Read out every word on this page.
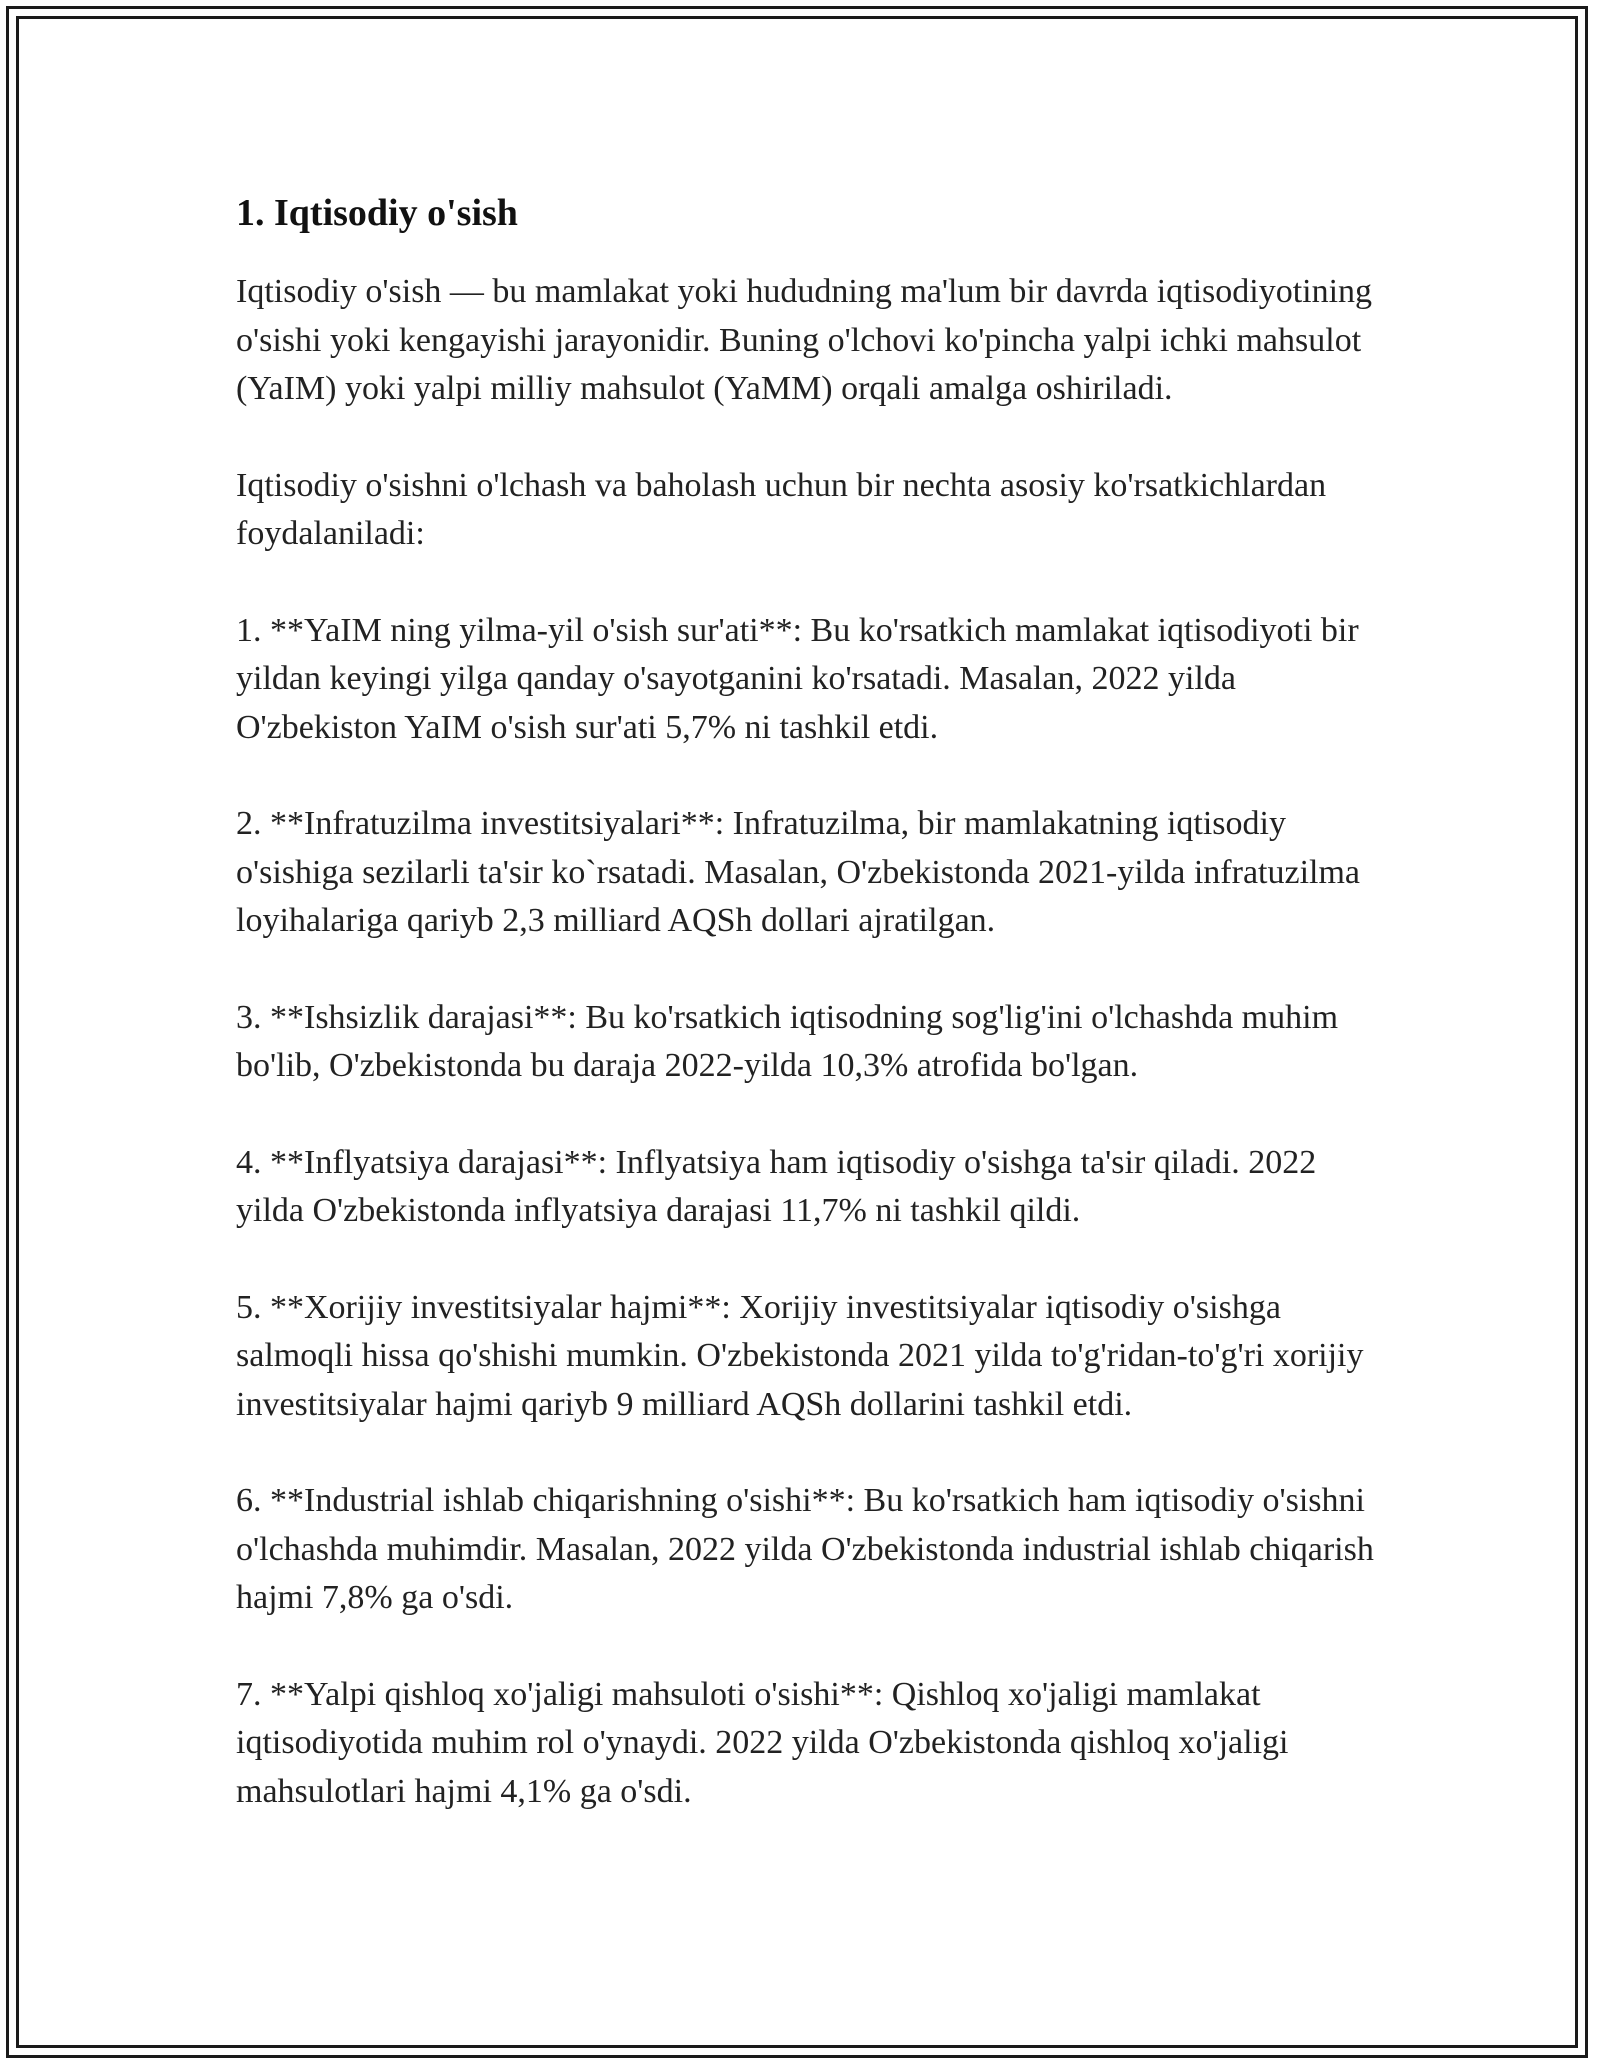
1. Iqtisodiy o'sish

Iqtisodiy o'sish — bu mamlakat yoki hududning ma'lum bir davrda iqtisodiyotining o'sishi yoki kengayishi jarayonidir. Buning o'lchovi ko'pincha yalpi ichki mahsulot (YaIM) yoki yalpi milliy mahsulot (YaMM) orqali amalga oshiriladi.

Iqtisodiy o'sishni o'lchash va baholash uchun bir nechta asosiy ko'rsatkichlardan foydalaniladi:

1. **YaIM ning yilma-yil o'sish sur'ati**: Bu ko'rsatkich mamlakat iqtisodiyoti bir yildan keyingi yilga qanday o'sayotganini ko'rsatadi. Masalan, 2022 yilda O'zbekiston YaIM o'sish sur'ati 5,7% ni tashkil etdi.

2. **Infratuzilma investitsiyalari**: Infratuzilma, bir mamlakatning iqtisodiy o'sishiga sezilarli ta'sir ko`rsatadi. Masalan, O'zbekistonda 2021-yilda infratuzilma loyihalariga qariyb 2,3 milliard AQSh dollari ajratilgan.

3. **Ishsizlik darajasi**: Bu ko'rsatkich iqtisodning sog'lig'ini o'lchashda muhim bo'lib, O'zbekistonda bu daraja 2022-yilda 10,3% atrofida bo'lgan.

4. **Inflyatsiya darajasi**: Inflyatsiya ham iqtisodiy o'sishga ta'sir qiladi. 2022 yilda O'zbekistonda inflyatsiya darajasi 11,7% ni tashkil qildi.

5. **Xorijiy investitsiyalar hajmi**: Xorijiy investitsiyalar iqtisodiy o'sishga salmoqli hissa qo'shishi mumkin. O'zbekistonda 2021 yilda to'g'ridan-to'g'ri xorijiy investitsiyalar hajmi qariyb 9 milliard AQSh dollarini tashkil etdi.

6. **Industrial ishlab chiqarishning o'sishi**: Bu ko'rsatkich ham iqtisodiy o'sishni o'lchashda muhimdir. Masalan, 2022 yilda O'zbekistonda industrial ishlab chiqarish hajmi 7,8% ga o'sdi.

7. **Yalpi qishloq xo'jaligi mahsuloti o'sishi**: Qishloq xo'jaligi mamlakat iqtisodiyotida muhim rol o'ynaydi. 2022 yilda O'zbekistonda qishloq xo'jaligi mahsulotlari hajmi 4,1% ga o'sdi.
